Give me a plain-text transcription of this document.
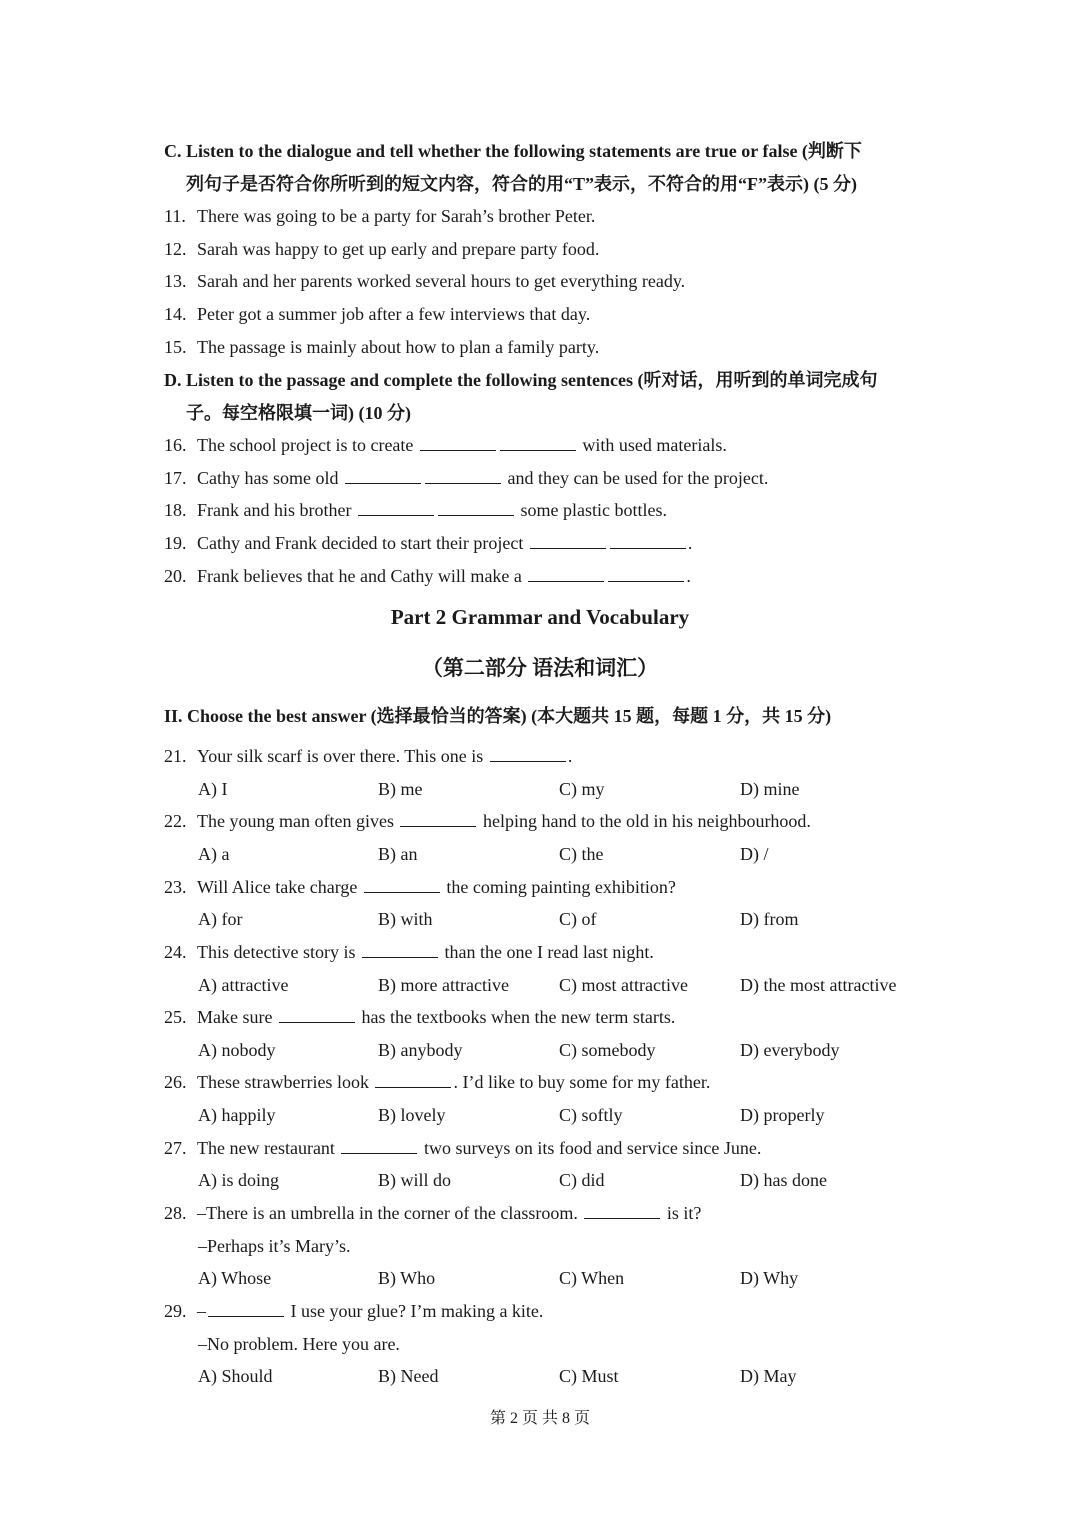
C. Listen to the dialogue and tell whether the following statements are true or false (判断下
列句子是否符合你所听到的短文内容，符合的用“T”表示，不符合的用“F”表示) (5 分)
11. There was going to be a party for Sarah’s brother Peter.
12. Sarah was happy to get up early and prepare party food.
13. Sarah and her parents worked several hours to get everything ready.
14. Peter got a summer job after a few interviews that day.
15. The passage is mainly about how to plan a family party.
D. Listen to the passage and complete the following sentences (听对话，用听到的单词完成句
子。每空格限填一词) (10 分)
16. The school project is to create	with used materials.
17. Cathy has some old	and they can be used for the project.
18. Frank and his brother	some plastic bottles.
19. Cathy and Frank decided to start their project	.
20. Frank believes that he and Cathy will make a	.
Part 2 Grammar and Vocabulary
（第二部分 语法和词汇）
II. Choose the best answer (选择最恰当的答案) (本大题共 15 题，每题 1 分，共 15 分)
21. Your silk scarf is over there. This one is	.
A) I	B) me	C) my	D) mine
22. The young man often gives	helping hand to the old in his neighbourhood.
A) a	B) an	C) the	D) /
23. Will Alice take charge	the coming painting exhibition?
A) for	B) with	C) of	D) from
24. This detective story is	than the one I read last night.
A) attractive	B) more attractive	C) most attractive	D) the most attractive
25. Make sure	has the textbooks when the new term starts.
A) nobody	B) anybody	C) somebody	D) everybody
26. These strawberries look	. I’d like to buy some for my father.
A) happily	B) lovely	C) softly	D) properly
27. The new restaurant	two surveys on its food and service since June.
A) is doing	B) will do	C) did	D) has done
28. –There is an umbrella in the corner of the classroom.	is it?
–Perhaps it’s Mary’s.
A) Whose	B) Who	C) When	D) Why
29. –	I use your glue? I’m making a kite.
–No problem. Here you are.
A) Should	B) Need	C) Must	D) May
第 2 页 共 8 页
